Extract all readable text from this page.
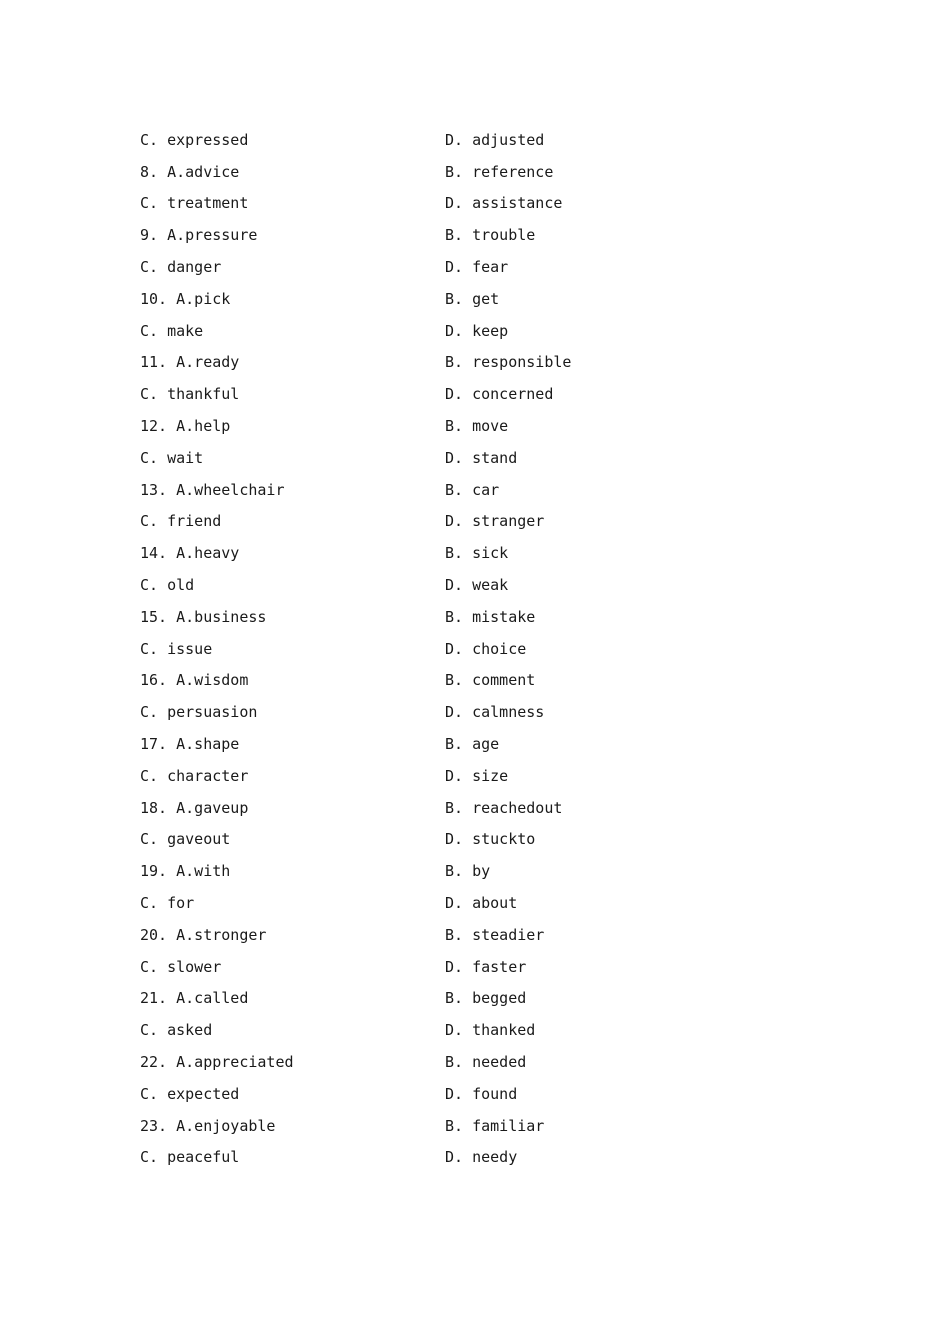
C. expressed	D. adjusted
8. A.advice	B. reference
C. treatment	D. assistance
9. A.pressure	B. trouble
C. danger	D. fear
10. A.pick	B. get
C. make	D. keep
11. A.ready	B. responsible
C. thankful	D. concerned
12. A.help	B. move
C. wait	D. stand
13. A.wheelchair	B. car
C. friend	D. stranger
14. A.heavy	B. sick
C. old	D. weak
15. A.business	B. mistake
C. issue	D. choice
16. A.wisdom	B. comment
C. persuasion	D. calmness
17. A.shape	B. age
C. character	D. size
18. A.gaveup	B. reachedout
C. gaveout	D. stuckto
19. A.with	B. by
C. for	D. about
20. A.stronger	B. steadier
C. slower	D. faster
21. A.called	B. begged
C. asked	D. thanked
22. A.appreciated	B. needed
C. expected	D. found
23. A.enjoyable	B. familiar
C. peaceful	D. needy
